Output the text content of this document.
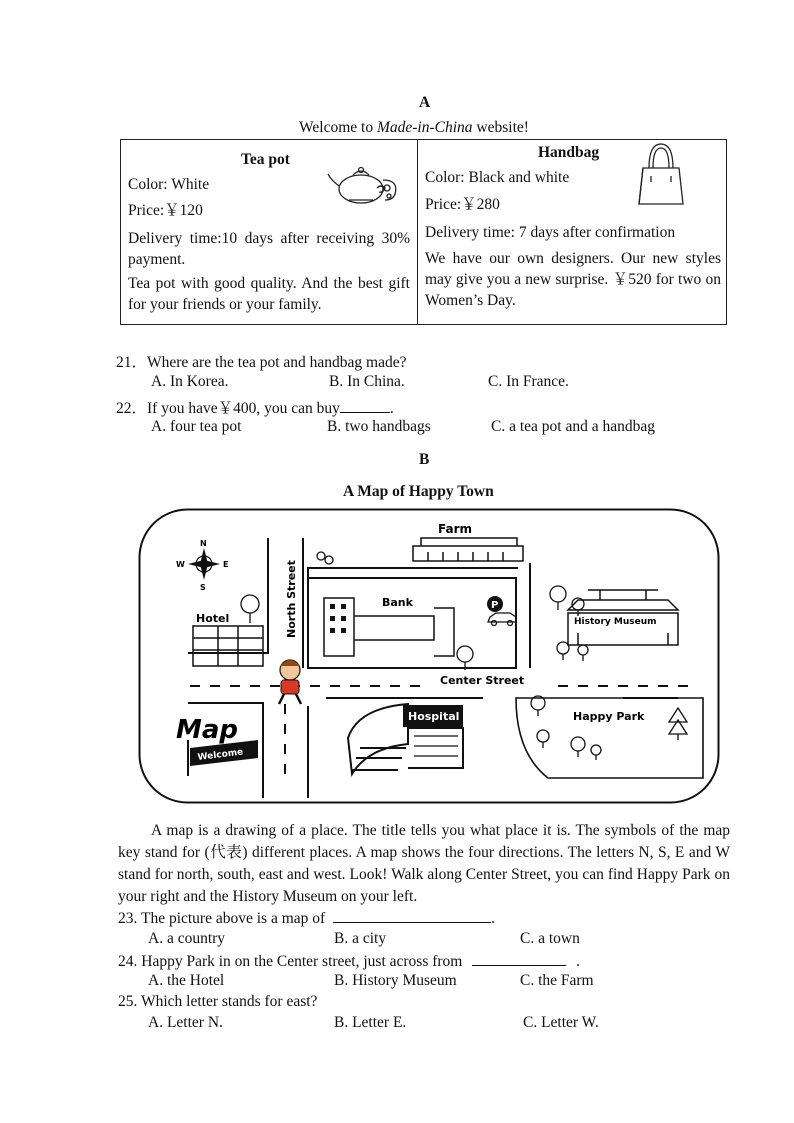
A
Welcome to Made-in-China website!
Tea pot
Color: White
Price:￥120
Delivery time:10 days after receiving 30% payment.
Tea pot with good quality. And the best gift for your friends or your family.
Handbag
Color: Black and white
Price:￥280
Delivery time: 7 days after confirmation
We have our own designers. Our new styles may give you a new surprise. ￥520 for two on Women’s Day.
21．Where are the tea pot and handbag made?
A. In Korea.	B. In China.	C. In France.
22．If you have￥400, you can buy	.
A. four tea pot	B. two handbags	C. a tea pot and a handbag
B
A Map of Happy Town
Farm
Bank	P
Hotel	North Street
Center Street
History Museum
Hospital	Happy Park
N
S
E
W
Map
Welcome
A map is a drawing of a place. The title tells you what place it is. The symbols of the map key stand for (代表) different places. A map shows the four directions. The letters N, S, E and W stand for north, south, east and west. Look! Walk along Center Street, you can find Happy Park on your right and the History Museum on your left.
23. The picture above is a map of	.
A. a country	B. a city	C. a town
24. Happy Park in on the Center street, just across from	.
A. the Hotel	B. History Museum	C. the Farm
25. Which letter stands for east?
A. Letter N.	B. Letter E.	C. Letter W.
